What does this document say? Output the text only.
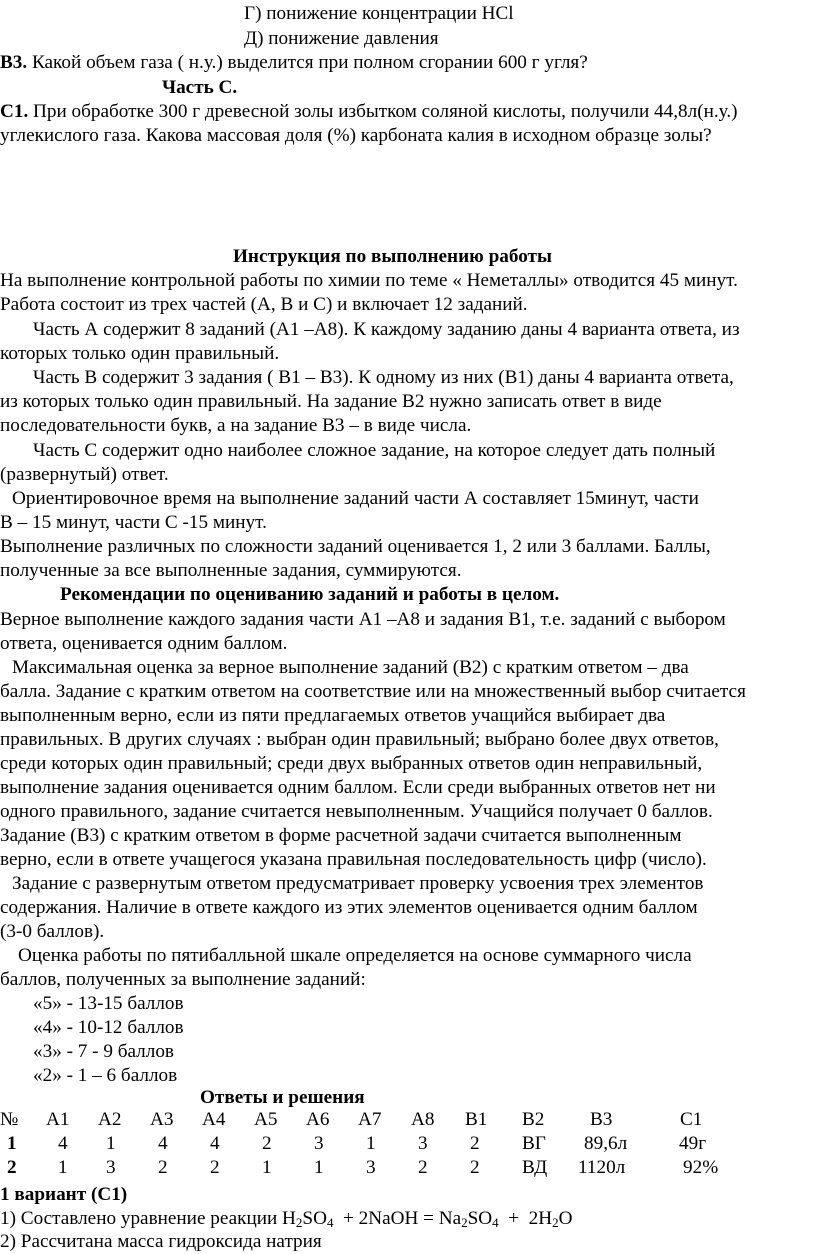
Г) понижение концентрации HCl
Д) понижение давления
В3. Какой объем газа ( н.у.) выделится при полном сгорании 600 г угля?
Часть С.
С1. При обработке 300 г древесной золы избытком соляной кислоты, получили 44,8л(н.у.)
углекислого газа. Какова массовая доля (%) карбоната калия в исходном образце золы?
Инструкция по выполнению работы
На выполнение контрольной работы по химии по теме « Неметаллы» отводится 45 минут.
Работа состоит из трех частей (А, В и С) и включает 12 заданий.
Часть А содержит 8 заданий (А1 –А8). К каждому заданию даны 4 варианта ответа, из
которых только один правильный.
Часть В содержит 3 задания ( В1 – В3). К одному из них (В1) даны 4 варианта ответа,
из которых только один правильный. На задание В2 нужно записать ответ в виде
последовательности букв, а на задание В3 – в виде числа.
Часть С содержит одно наиболее сложное задание, на которое следует дать полный
(развернутый) ответ.
Ориентировочное время на выполнение заданий части А составляет 15минут, части
В – 15 минут, части С -15 минут.
Выполнение различных по сложности заданий оценивается 1, 2 или 3 баллами. Баллы,
полученные за все выполненные задания, суммируются.
Рекомендации по оцениванию заданий и работы в целом.
Верное выполнение каждого задания части А1 –А8 и задания В1, т.е. заданий с выбором
ответа, оценивается одним баллом.
Максимальная оценка за верное выполнение заданий (В2) с кратким ответом – два
балла. Задание с кратким ответом на соответствие или на множественный выбор считается
выполненным верно, если из пяти предлагаемых ответов учащийся выбирает два
правильных. В других случаях : выбран один правильный; выбрано более двух ответов,
среди которых один правильный; среди двух выбранных ответов один неправильный,
выполнение задания оценивается одним баллом. Если среди выбранных ответов нет ни
одного правильного, задание считается невыполненным. Учащийся получает 0 баллов.
Задание (В3) с кратким ответом в форме расчетной задачи считается выполненным
верно, если в ответе учащегося указана правильная последовательность цифр (число).
Задание с развернутым ответом предусматривает проверку усвоения трех элементов
содержания. Наличие в ответе каждого из этих элементов оценивается одним баллом
(3-0 баллов).
Оценка работы по пятибалльной шкале определяется на основе суммарного числа
баллов, полученных за выполнение заданий:
«5» - 13-15 баллов
«4» - 10-12 баллов
«3» - 7 - 9 баллов
«2» - 1 – 6 баллов
Ответы и решения
№ А1 А2 А3 А4 А5 А6 А7 А8 В1 В2 В3	С1
1 4 1 4 4 2 3 1 3 2 ВГ 89,6л	49г
2 1 3 2 2 1 1 3 2 2 ВД 1120л	92%
1 вариант (С1)
1) Составлено уравнение реакции $H_2SO_4$  + 2NaOH = $Na_2SO_4 + 2H_2O$
2) Рассчитана масса гидроксида натрия
